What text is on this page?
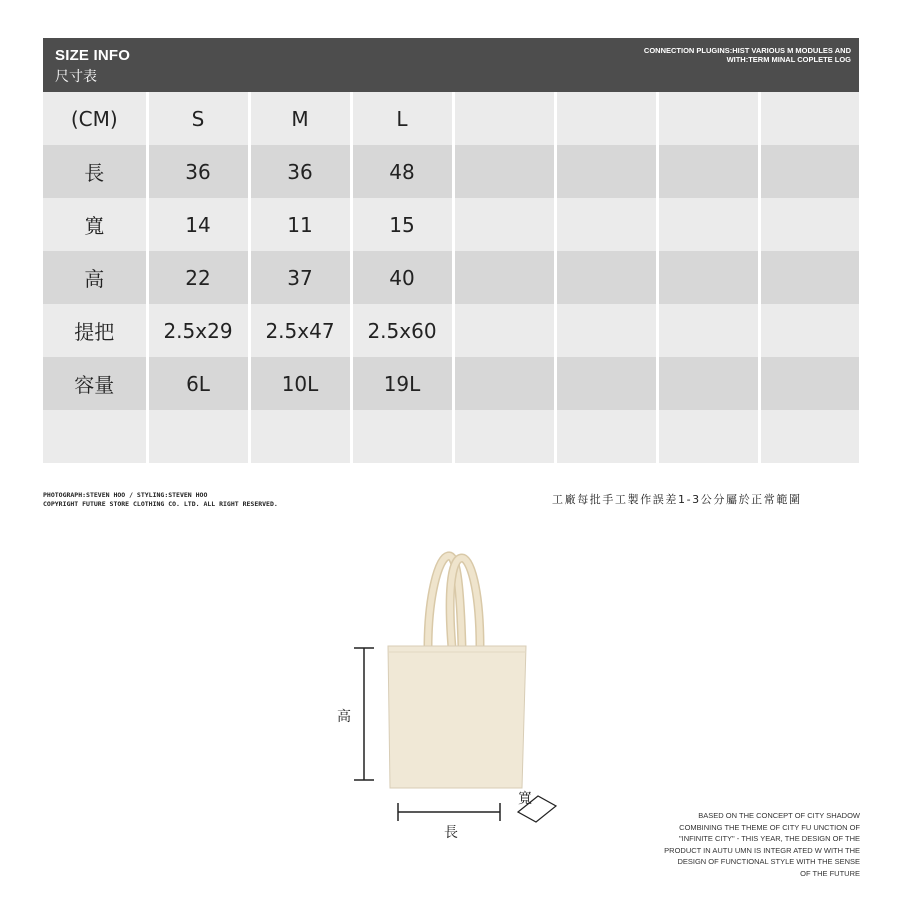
SIZE INFO
尺寸表
CONNECTION PLUGINS:HIST VARIOUS M MODULES AND
WITH:TERM MINAL COPLETE LOG
(CM)	S	M	L				
長	36	36	48				
寬	14	11	15				
高	22	37	40				
提把	2.5x29	2.5x47	2.5x60				
容量	6L	10L	19L				

PHOTOGRAPH:STEVEN HOO / STYLING:STEVEN HOO
COPYRIGHT FUTURE STORE CLOTHING CO. LTD. ALL RIGHT RESERVED.	工廠每批手工製作誤差1-3公分屬於正常範圍
高
長
寬
BASED ON THE CONCEPT OF CITY SHADOW
COMBINING THE THEME OF CITY FU UNCTION OF
"INFINITE CITY" - THIS YEAR, THE DESIGN OF THE
PRODUCT IN AUTU UMN IS INTEGR ATED W WITH THE
DESIGN OF FUNCTIONAL STYLE WITH THE SENSE
OF THE FUTURE
